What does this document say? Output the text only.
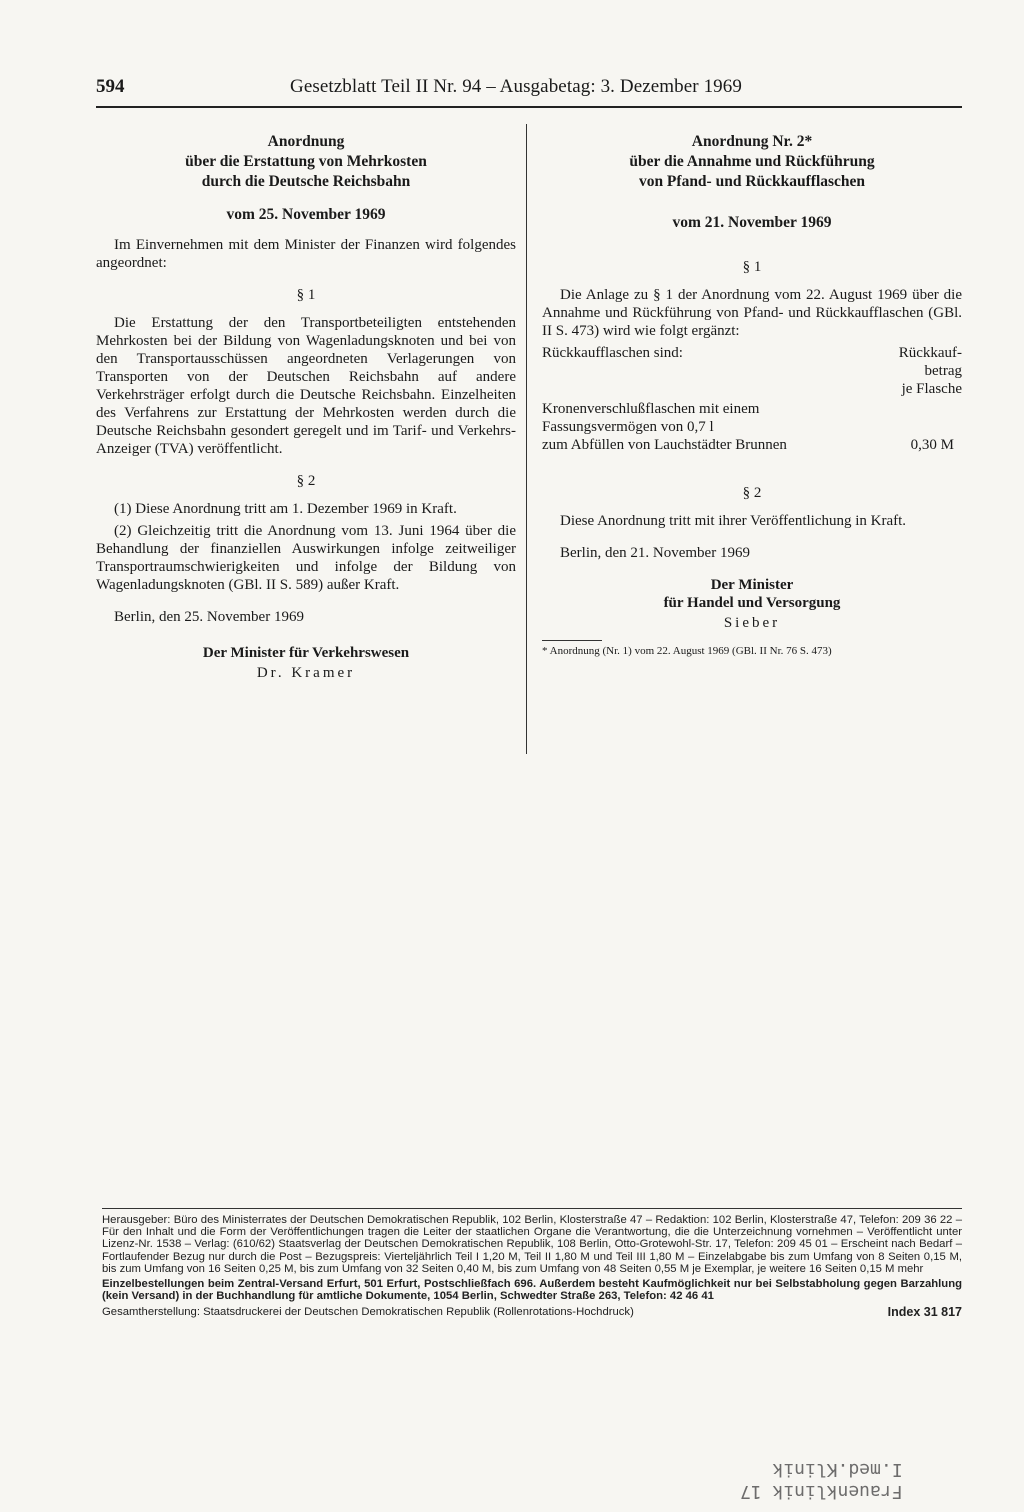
594	Gesetzblatt Teil II Nr. 94 – Ausgabetag: 3. Dezember 1969
Anordnung
über die Erstattung von Mehrkosten
durch die Deutsche Reichsbahn
vom 25. November 1969
Im Einvernehmen mit dem Minister der Finanzen wird folgendes angeordnet:
§ 1
Die Erstattung der den Transportbeteiligten entstehenden Mehrkosten bei der Bildung von Wagenladungsknoten und bei von den Transportausschüssen angeordneten Verlagerungen von Transporten von der Deutschen Reichsbahn auf andere Verkehrsträger erfolgt durch die Deutsche Reichsbahn. Einzelheiten des Verfahrens zur Erstattung der Mehrkosten werden durch die Deutsche Reichsbahn gesondert geregelt und im Tarif- und Verkehrs-Anzeiger (TVA) veröffentlicht.
§ 2
(1) Diese Anordnung tritt am 1. Dezember 1969 in Kraft.
(2) Gleichzeitig tritt die Anordnung vom 13. Juni 1964 über die Behandlung der finanziellen Auswirkungen infolge zeitweiliger Transportraumschwierigkeiten und infolge der Bildung von Wagenladungsknoten (GBl. II S. 589) außer Kraft.
Berlin, den 25. November 1969
Der Minister für Verkehrswesen
Dr. Kramer
Anordnung Nr. 2*
über die Annahme und Rückführung
von Pfand- und Rückkaufflaschen
vom 21. November 1969
§ 1
Die Anlage zu § 1 der Anordnung vom 22. August 1969 über die Annahme und Rückführung von Pfand- und Rückkaufflaschen (GBl. II S. 473) wird wie folgt ergänzt:
Rückkaufflaschen sind:	Rückkauf-
betrag
je Flasche
Kronenverschlußflaschen mit einem
Fassungsvermögen von 0,7 l
zum Abfüllen von Lauchstädter Brunnen	0,30 M
§ 2
Diese Anordnung tritt mit ihrer Veröffentlichung in Kraft.
Berlin, den 21. November 1969
Der Minister
für Handel und Versorgung
Sieber
* Anordnung (Nr. 1) vom 22. August 1969 (GBl. II Nr. 76 S. 473)
Herausgeber: Büro des Ministerrates der Deutschen Demokratischen Republik, 102 Berlin, Klosterstraße 47 – Redaktion: 102 Berlin, Klosterstraße 47, Telefon: 209 36 22 – Für den Inhalt und die Form der Veröffentlichungen tragen die Leiter der staatlichen Organe die Verantwortung, die die Unterzeichnung vornehmen – Veröffentlicht unter Lizenz-Nr. 1538 – Verlag: (610/62) Staatsverlag der Deutschen Demokratischen Republik, 108 Berlin, Otto-Grotewohl-Str. 17, Telefon: 209 45 01 – Erscheint nach Bedarf – Fortlaufender Bezug nur durch die Post – Bezugspreis: Vierteljährlich Teil I 1,20 M, Teil II 1,80 M und Teil III 1,80 M – Einzelabgabe bis zum Umfang von 8 Seiten 0,15 M, bis zum Umfang von 16 Seiten 0,25 M, bis zum Umfang von 32 Seiten 0,40 M, bis zum Umfang von 48 Seiten 0,55 M je Exemplar, je weitere 16 Seiten 0,15 M mehr
Einzelbestellungen beim Zentral-Versand Erfurt, 501 Erfurt, Postschließfach 696. Außerdem besteht Kaufmöglichkeit nur bei Selbstabholung gegen Barzahlung (kein Versand) in der Buchhandlung für amtliche Dokumente, 1054 Berlin, Schwedter Straße 263, Telefon: 42 46 41
Gesamtherstellung: Staatsdruckerei der Deutschen Demokratischen Republik (Rollenrotations-Hochdruck)	Index 31 817
Frauenklinik 17
I.med.Klinik
